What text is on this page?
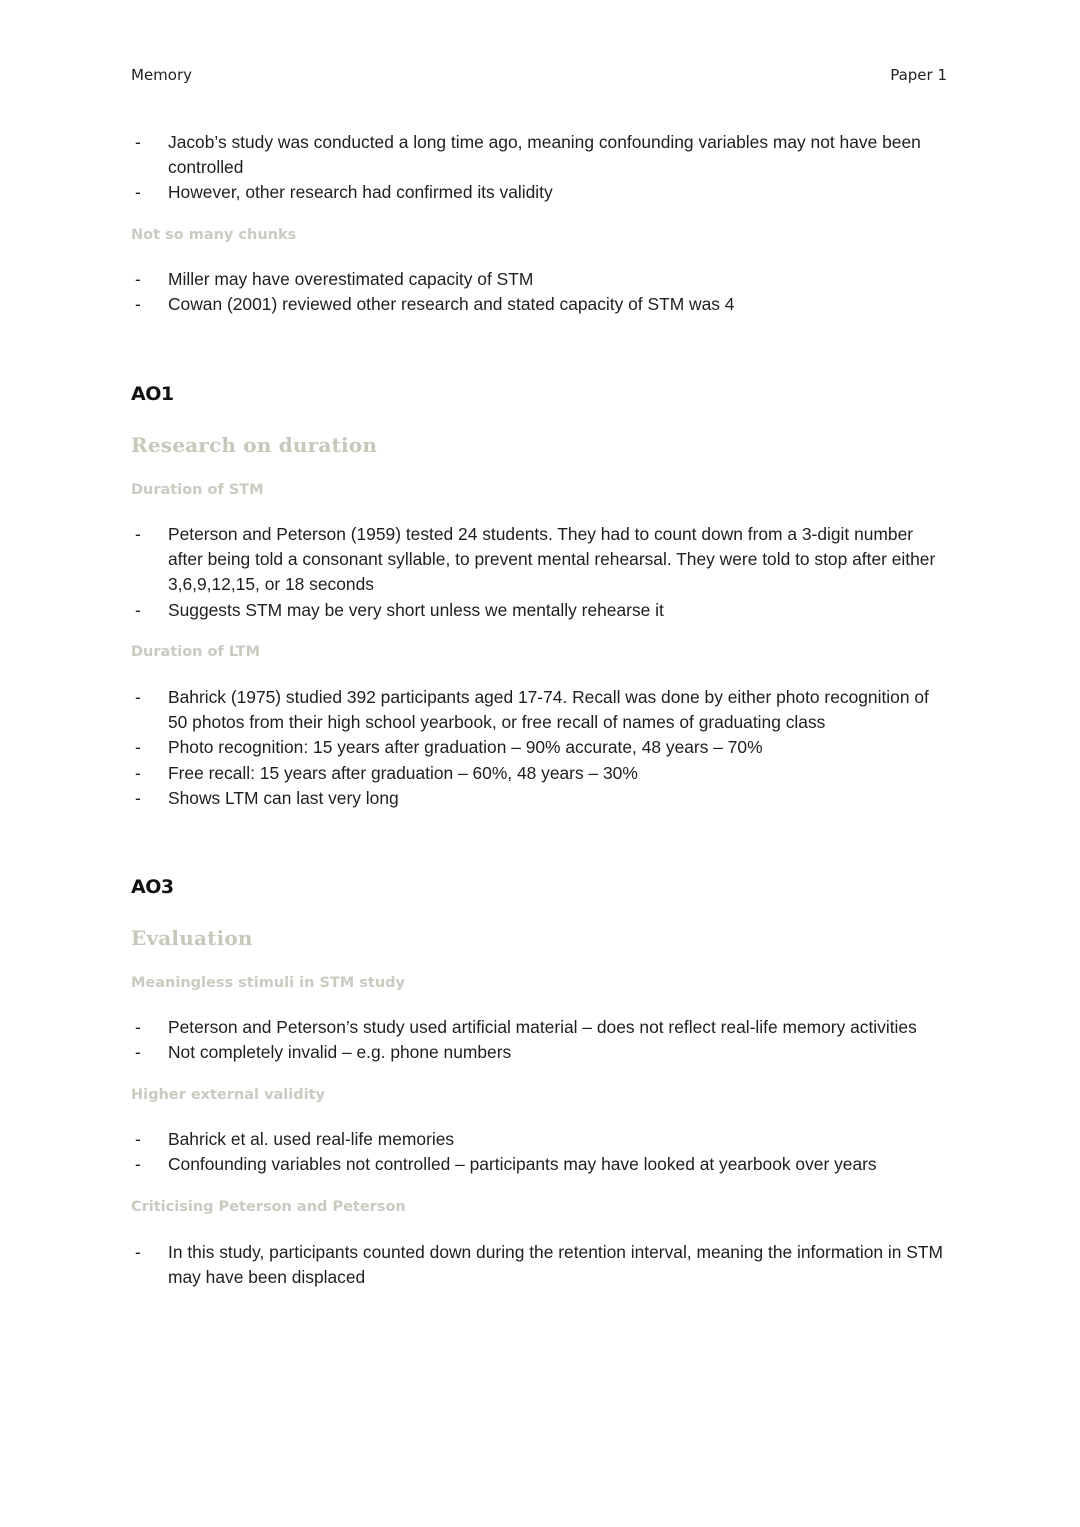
Memory	Paper 1
- Jacob’s study was conducted a long time ago, meaning confounding variables may not have been controlled
- However, other research had confirmed its validity
Not so many chunks
- Miller may have overestimated capacity of STM
- Cowan (2001) reviewed other research and stated capacity of STM was 4
AO1
Research on duration
Duration of STM
- Peterson and Peterson (1959) tested 24 students. They had to count down from a 3-digit number after being told a consonant syllable, to prevent mental rehearsal. They were told to stop after either 3,6,9,12,15, or 18 seconds
- Suggests STM may be very short unless we mentally rehearse it
Duration of LTM
- Bahrick (1975) studied 392 participants aged 17-74. Recall was done by either photo recognition of 50 photos from their high school yearbook, or free recall of names of graduating class
- Photo recognition: 15 years after graduation – 90% accurate, 48 years – 70%
- Free recall: 15 years after graduation – 60%, 48 years – 30%
- Shows LTM can last very long
AO3
Evaluation
Meaningless stimuli in STM study
- Peterson and Peterson’s study used artificial material – does not reflect real-life memory activities
- Not completely invalid – e.g. phone numbers
Higher external validity
- Bahrick et al. used real-life memories
- Confounding variables not controlled – participants may have looked at yearbook over years
Criticising Peterson and Peterson
- In this study, participants counted down during the retention interval, meaning the information in STM may have been displaced
